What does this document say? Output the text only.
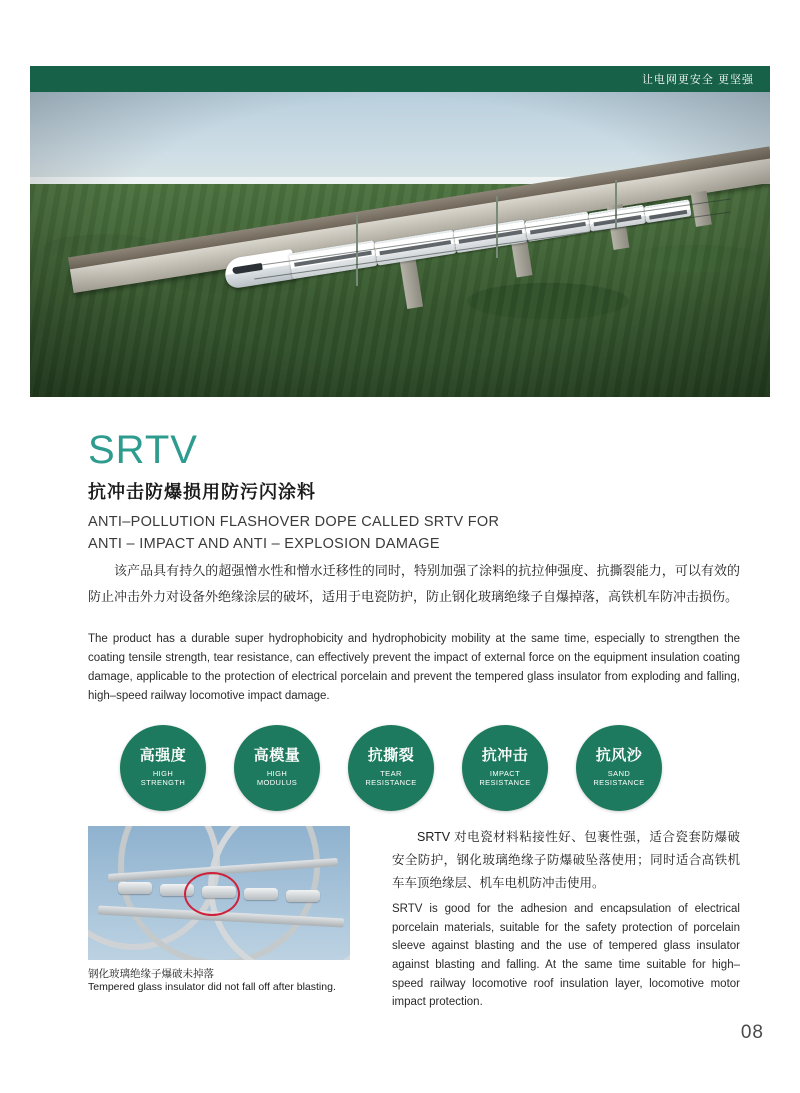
让电网更安全 更坚强
SRTV
抗冲击防爆损用防污闪涂料
ANTI–POLLUTION FLASHOVER DOPE CALLED SRTV FOR
ANTI – IMPACT AND ANTI – EXPLOSION DAMAGE
该产品具有持久的超强憎水性和憎水迁移性的同时，特别加强了涂料的抗拉伸强度、抗撕裂能力，可以有效的防止冲击外力对设备外绝缘涂层的破坏，适用于电瓷防护，防止钢化玻璃绝缘子自爆掉落，高铁机车防冲击损伤。
The product has a durable super hydrophobicity and hydrophobicity mobility at the same time, especially to strengthen the coating tensile strength, tear resistance, can effectively prevent the impact of external force on the equipment insulation coating damage, applicable to the protection of electrical porcelain and prevent the tempered glass insulator from exploding and falling, high–speed railway locomotive impact damage.
高强度
HIGH
STRENGTH
高模量
HIGH
MODULUS
抗撕裂
TEAR
RESISTANCE
抗冲击
IMPACT
RESISTANCE
抗风沙
SAND
RESISTANCE
钢化玻璃绝缘子爆破未掉落
Tempered glass insulator did not fall off after blasting.
SRTV 对电瓷材料粘接性好、包裹性强，适合瓷套防爆破安全防护，钢化玻璃绝缘子防爆破坠落使用；同时适合高铁机车车顶绝缘层、机车电机防冲击使用。
SRTV is good for the adhesion and encapsulation of electrical porcelain materials, suitable for the safety protection of porcelain sleeve against blasting and the use of tempered glass insulator against blasting and falling. At the same time suitable for high–speed railway locomotive roof insulation layer, locomotive motor impact protection.
08
